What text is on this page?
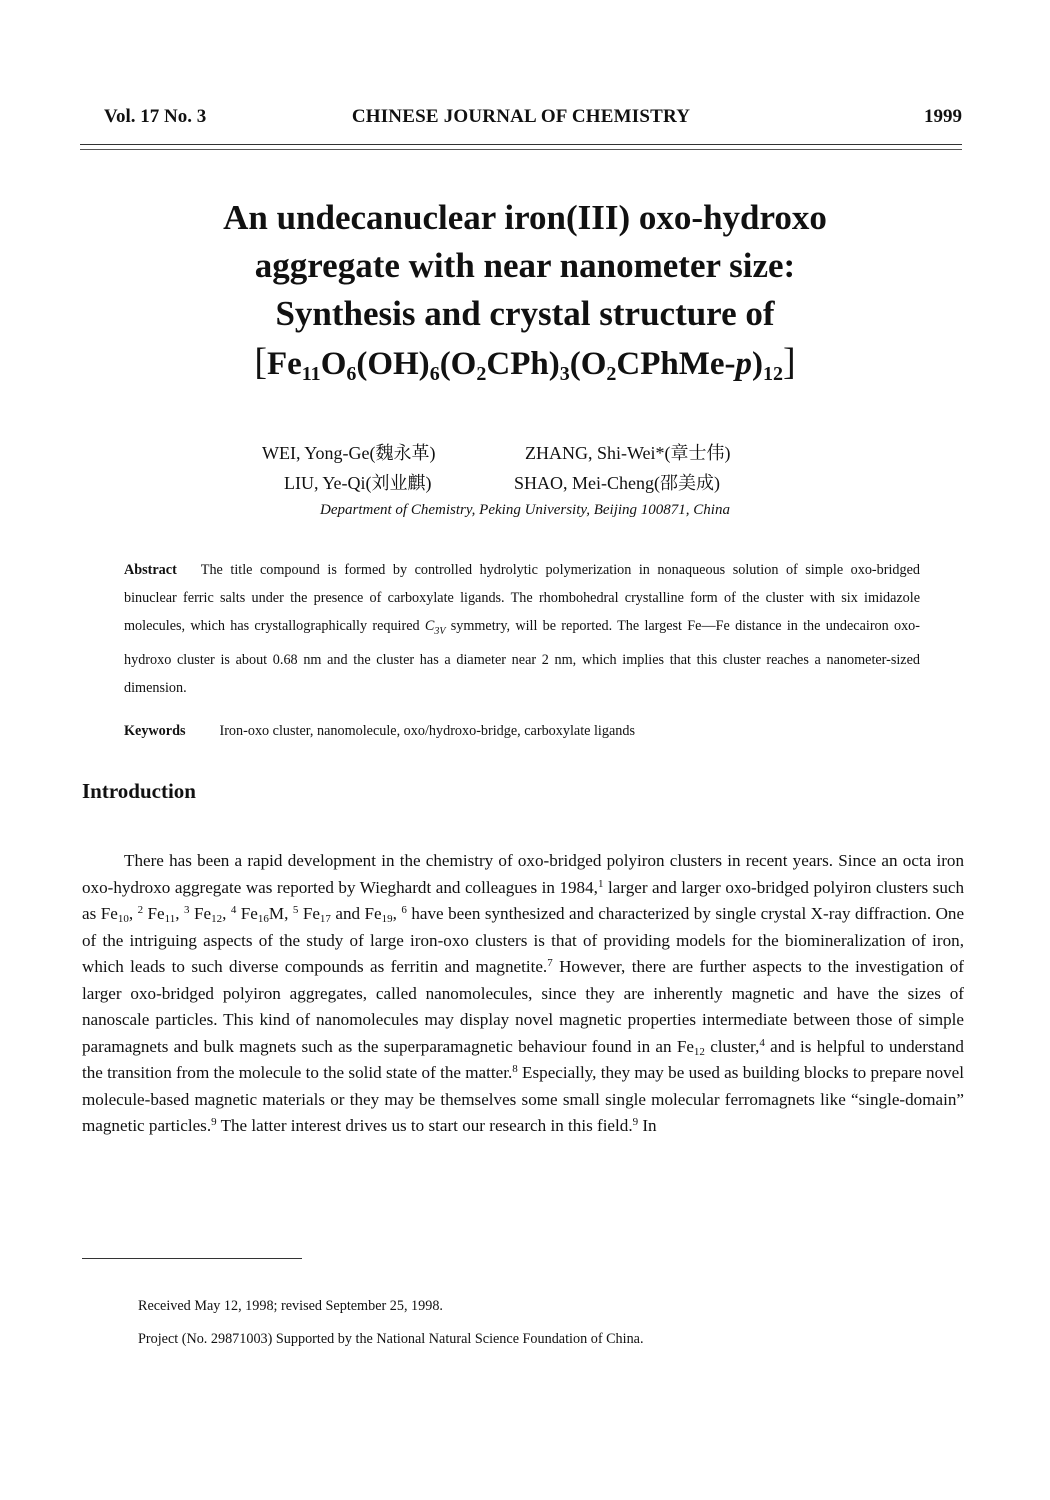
Vol. 17 No. 3	CHINESE JOURNAL OF CHEMISTRY	1999
An undecanuclear iron(III) oxo-hydroxo
aggregate with near nanometer size:
Synthesis and crystal structure of
$[Fe_{11}O_6(OH)_6(O_2CPh)_3(O_2CPhMe-p)_{12}]$
WEI, Yong-Ge(魏永革)	ZHANG, Shi-Wei*(章士伟)
LIU, Ye-Qi(刘业麒)	SHAO, Mei-Cheng(邵美成)
Department of Chemistry, Peking University, Beijing 100871, China
Abstract The title compound is formed by controlled hydrolytic polymerization in nonaqueous solution of simple oxo-bridged binuclear ferric salts under the presence of carboxylate ligands. The rhombohedral crystalline form of the cluster with six imidazole molecules, which has crystallographically required $C_{3V}$ symmetry, will be reported. The largest Fe—Fe distance in the undecairon oxo-hydroxo cluster is about 0.68 nm and the cluster has a diameter near 2 nm, which implies that this cluster reaches a nanometer-sized dimension.
Keywords Iron-oxo cluster, nanomolecule, oxo/hydroxo-bridge, carboxylate ligands
Introduction

There has been a rapid development in the chemistry of oxo-bridged polyiron clusters in recent years. Since an octa iron oxo-hydroxo aggregate was reported by Wieghardt and colleagues in 1984,$^1$ larger and larger oxo-bridged polyiron clusters such as $Fe_{10}$, $^2$ $Fe_{11}$, $^3$ $Fe_{12}$, $^4$ $Fe_{16}M$, $^5$ $Fe_{17}$ and $Fe_{19}$, $^6$ have been synthesized and characterized by single crystal X-ray diffraction. One of the intriguing aspects of the study of large iron-oxo clusters is that of providing models for the biomineralization of iron, which leads to such diverse compounds as ferritin and magnetite.$^7$ However, there are further aspects to the investigation of larger oxo-bridged polyiron aggregates, called nanomolecules, since they are inherently magnetic and have the sizes of nanoscale particles. This kind of nanomolecules may display novel magnetic properties intermediate between those of simple paramagnets and bulk magnets such as the superparamagnetic behaviour found in an $Fe_{12}$ cluster,$^4$ and is helpful to understand the transition from the molecule to the solid state of the matter.$^8$ Especially, they may be used as building blocks to prepare novel molecule-based magnetic materials or they may be themselves some small single molecular ferromagnets like “single-domain” magnetic particles.$^9$ The latter interest drives us to start our research in this field.$^9$ In

Received May 12, 1998; revised September 25, 1998.
Project (No. 29871003) Supported by the National Natural Science Foundation of China.
